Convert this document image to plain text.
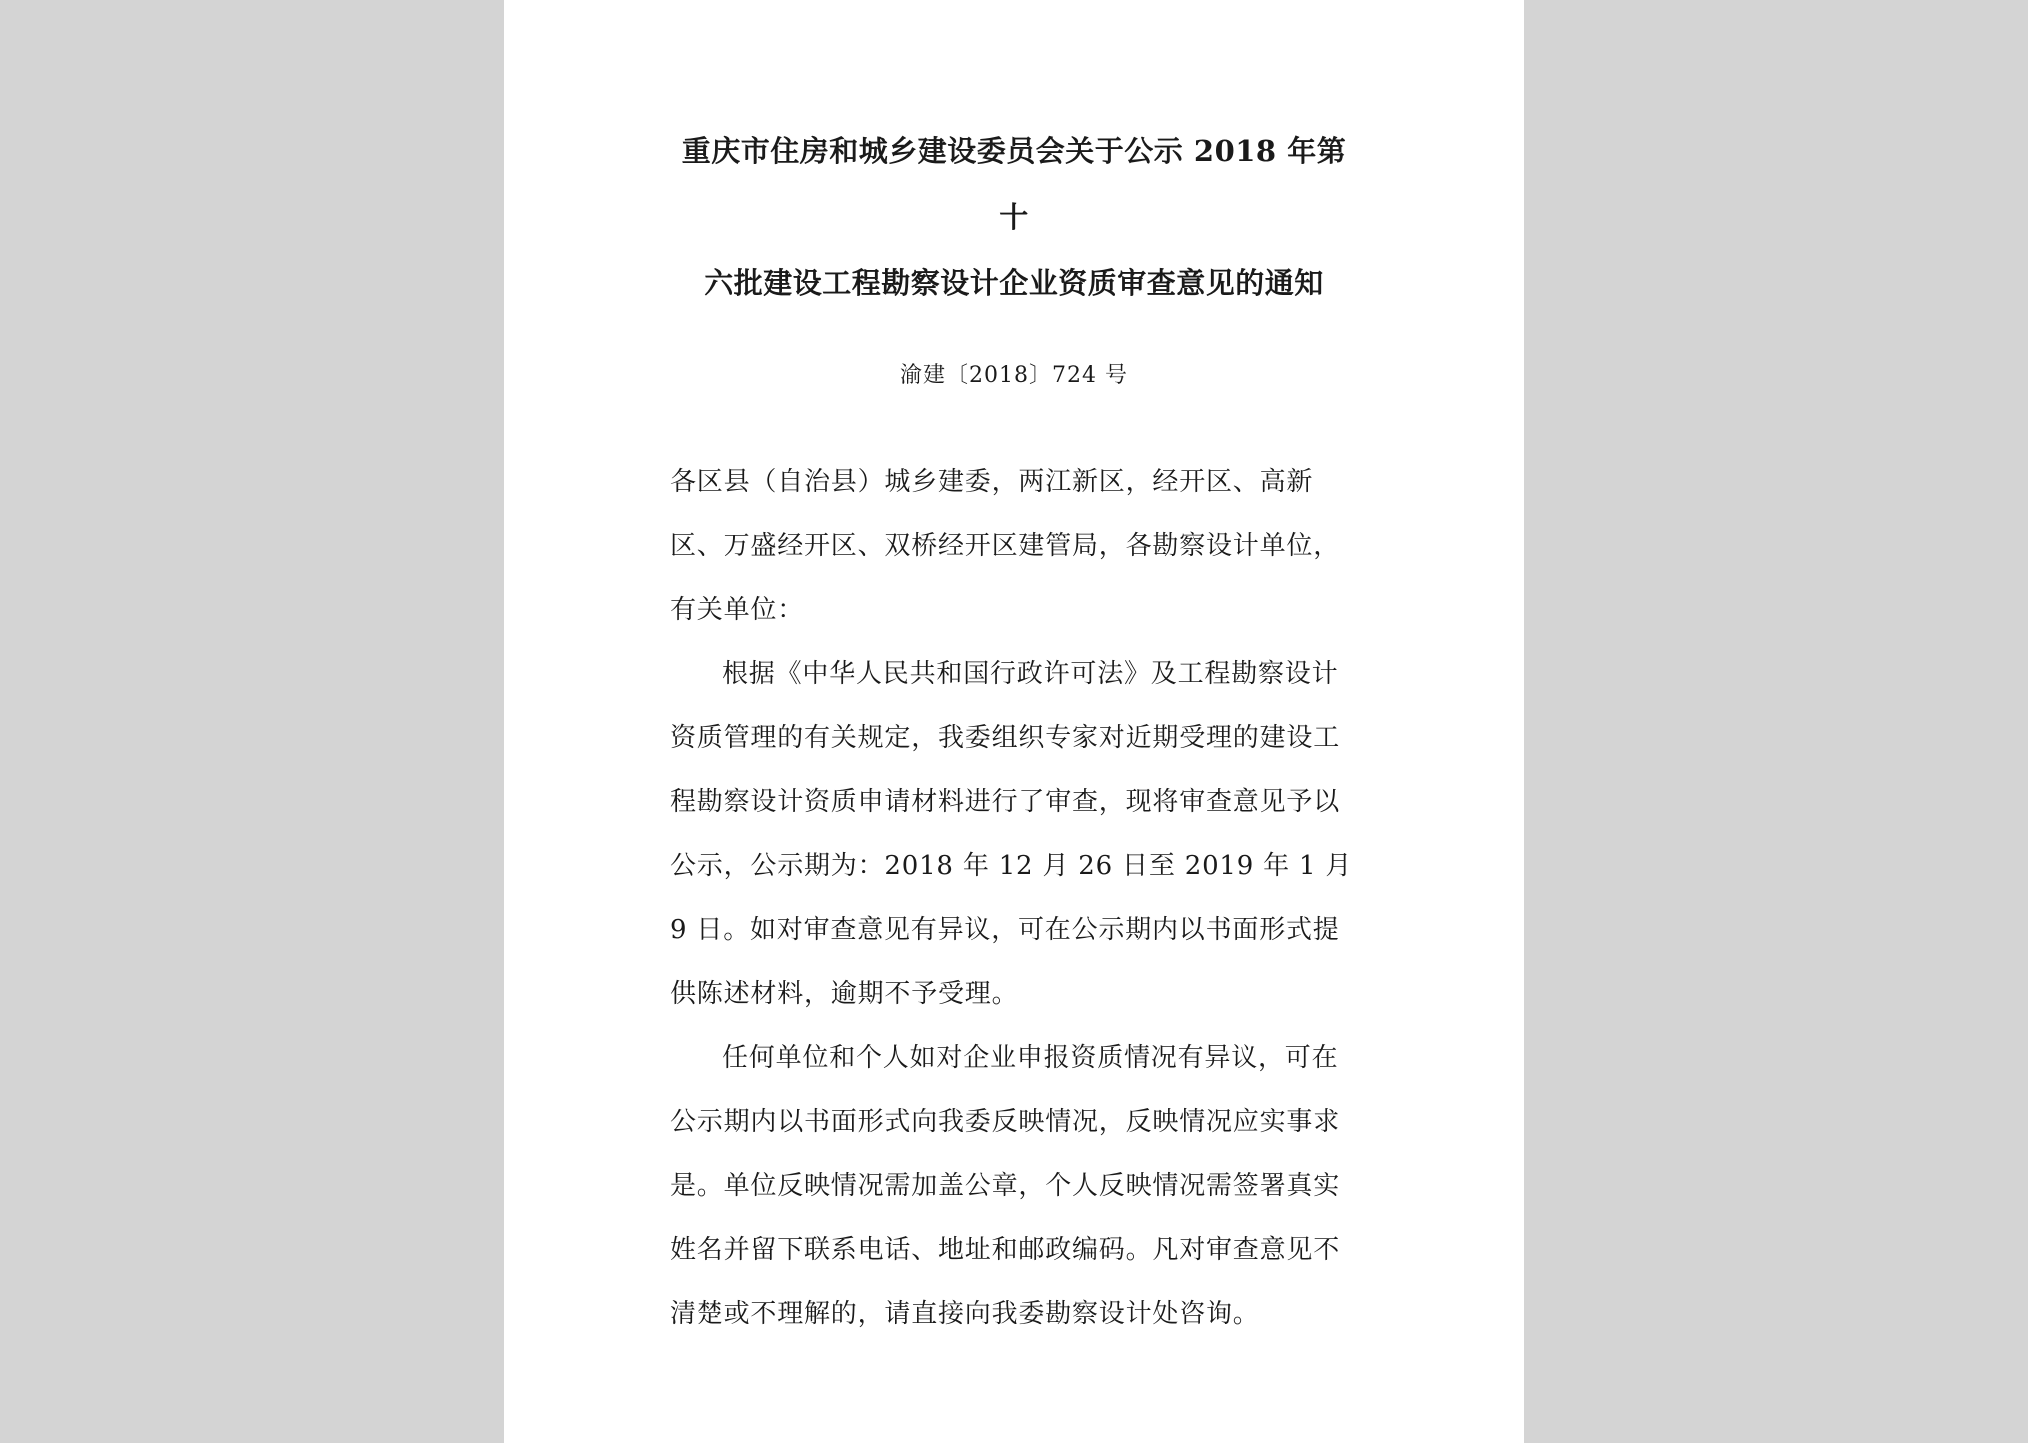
重庆市住房和城乡建设委员会关于公示 2018 年第十
六批建设工程勘察设计企业资质审查意见的通知
渝建〔2018〕724 号

各区县（自治县）城乡建委，两江新区，经开区、高新区、万盛经开区、双桥经开区建管局，各勘察设计单位，有关单位：

根据《中华人民共和国行政许可法》及工程勘察设计资质管理的有关规定，我委组织专家对近期受理的建设工程勘察设计资质申请材料进行了审查，现将审查意见予以公示，公示期为：2018 年 12 月 26 日至 2019 年 1 月 9 日。如对审查意见有异议，可在公示期内以书面形式提供陈述材料，逾期不予受理。

任何单位和个人如对企业申报资质情况有异议，可在公示期内以书面形式向我委反映情况，反映情况应实事求是。单位反映情况需加盖公章，个人反映情况需签署真实姓名并留下联系电话、地址和邮政编码。凡对审查意见不清楚或不理解的，请直接向我委勘察设计处咨询。
